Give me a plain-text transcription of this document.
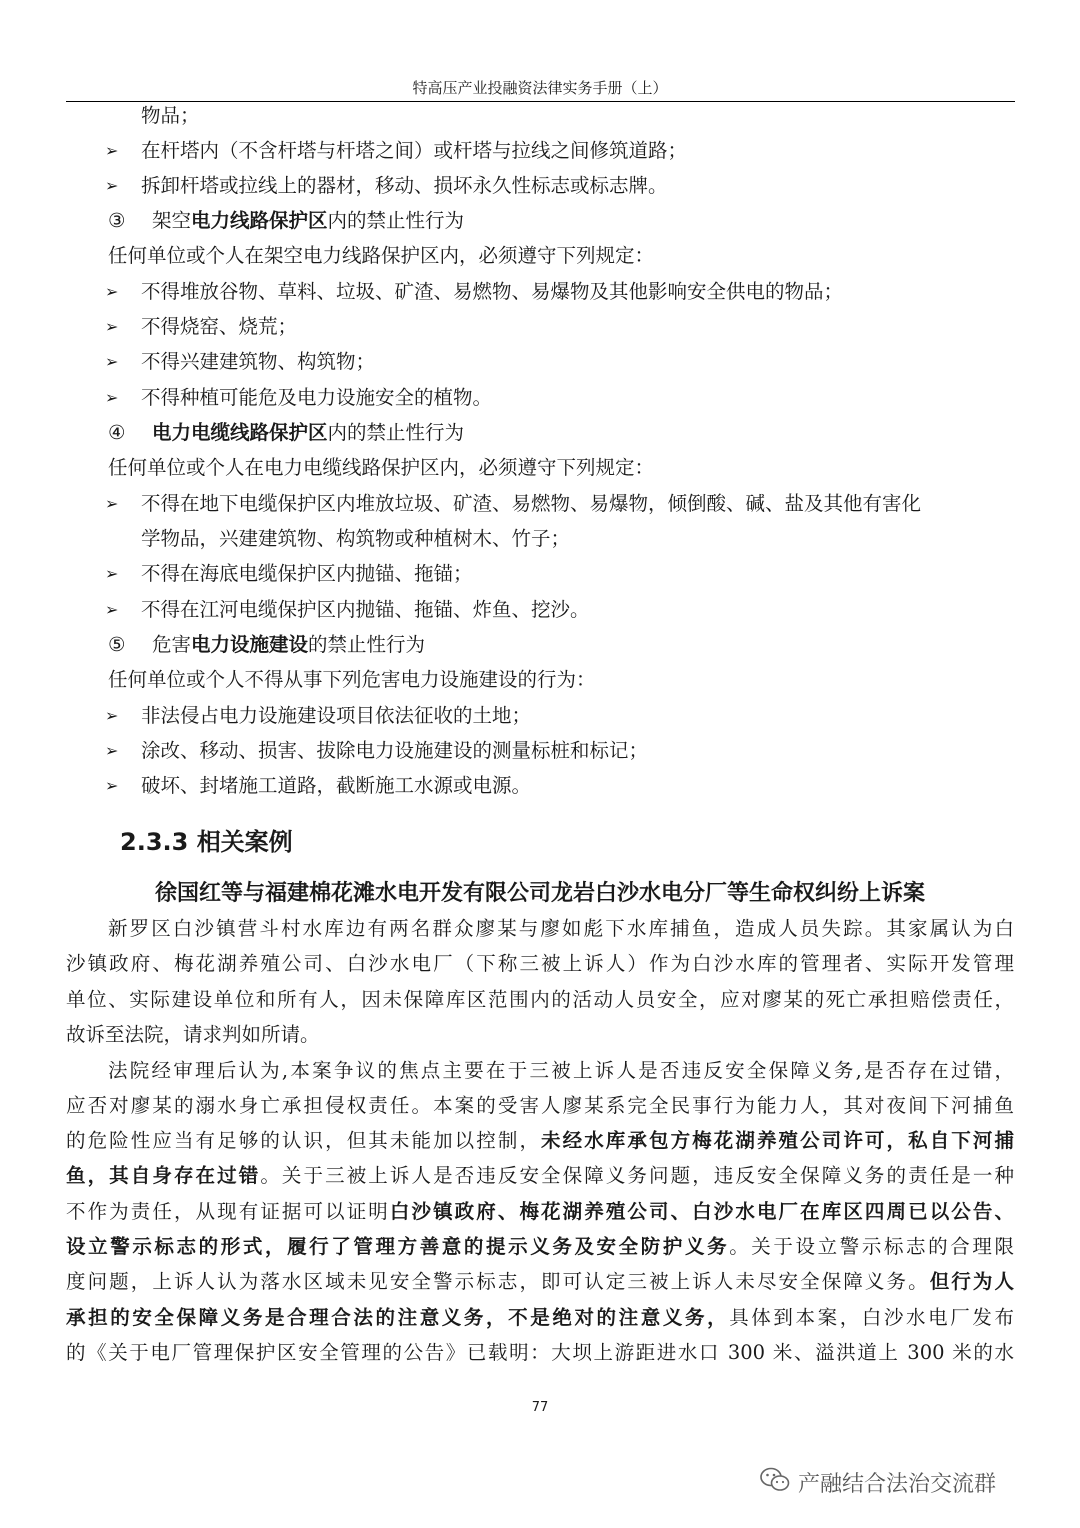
特高压产业投融资法律实务手册（上）
物品；
➢ 在杆塔内（不含杆塔与杆塔之间）或杆塔与拉线之间修筑道路；
➢ 拆卸杆塔或拉线上的器材，移动、损坏永久性标志或标志牌。
③ 架空电力线路保护区内的禁止性行为
任何单位或个人在架空电力线路保护区内，必须遵守下列规定：
➢ 不得堆放谷物、草料、垃圾、矿渣、易燃物、易爆物及其他影响安全供电的物品；
➢ 不得烧窑、烧荒；
➢ 不得兴建建筑物、构筑物；
➢ 不得种植可能危及电力设施安全的植物。
④ 电力电缆线路保护区内的禁止性行为
任何单位或个人在电力电缆线路保护区内，必须遵守下列规定：
➢ 不得在地下电缆保护区内堆放垃圾、矿渣、易燃物、易爆物，倾倒酸、碱、盐及其他有害化
学物品，兴建建筑物、构筑物或种植树木、竹子；
➢ 不得在海底电缆保护区内抛锚、拖锚；
➢ 不得在江河电缆保护区内抛锚、拖锚、炸鱼、挖沙。
⑤ 危害电力设施建设的禁止性行为
任何单位或个人不得从事下列危害电力设施建设的行为：
➢ 非法侵占电力设施建设项目依法征收的土地；
➢ 涂改、移动、损害、拔除电力设施建设的测量标桩和标记；
➢ 破坏、封堵施工道路，截断施工水源或电源。
2.3.3 相关案例
徐国红等与福建棉花滩水电开发有限公司龙岩白沙水电分厂等生命权纠纷上诉案
新罗区白沙镇营斗村水库边有两名群众廖某与廖如彪下水库捕鱼，造成人员失踪。其家属认为白
沙镇政府、梅花湖养殖公司、白沙水电厂（下称三被上诉人）作为白沙水库的管理者、实际开发管理
单位、实际建设单位和所有人，因未保障库区范围内的活动人员安全，应对廖某的死亡承担赔偿责任，
故诉至法院，请求判如所请。
法院经审理后认为,本案争议的焦点主要在于三被上诉人是否违反安全保障义务,是否存在过错，
应否对廖某的溺水身亡承担侵权责任。本案的受害人廖某系完全民事行为能力人，其对夜间下河捕鱼
的危险性应当有足够的认识，但其未能加以控制，未经水库承包方梅花湖养殖公司许可，私自下河捕
鱼，其自身存在过错。关于三被上诉人是否违反安全保障义务问题，违反安全保障义务的责任是一种
不作为责任，从现有证据可以证明白沙镇政府、梅花湖养殖公司、白沙水电厂在库区四周已以公告、
设立警示标志的形式，履行了管理方善意的提示义务及安全防护义务。关于设立警示标志的合理限
度问题，上诉人认为落水区域未见安全警示标志，即可认定三被上诉人未尽安全保障义务。但行为人
承担的安全保障义务是合理合法的注意义务，不是绝对的注意义务，具体到本案，白沙水电厂发布
的《关于电厂管理保护区安全管理的公告》已载明：大坝上游距进水口 300 米、溢洪道上 300 米的水
77
产融结合法治交流群
